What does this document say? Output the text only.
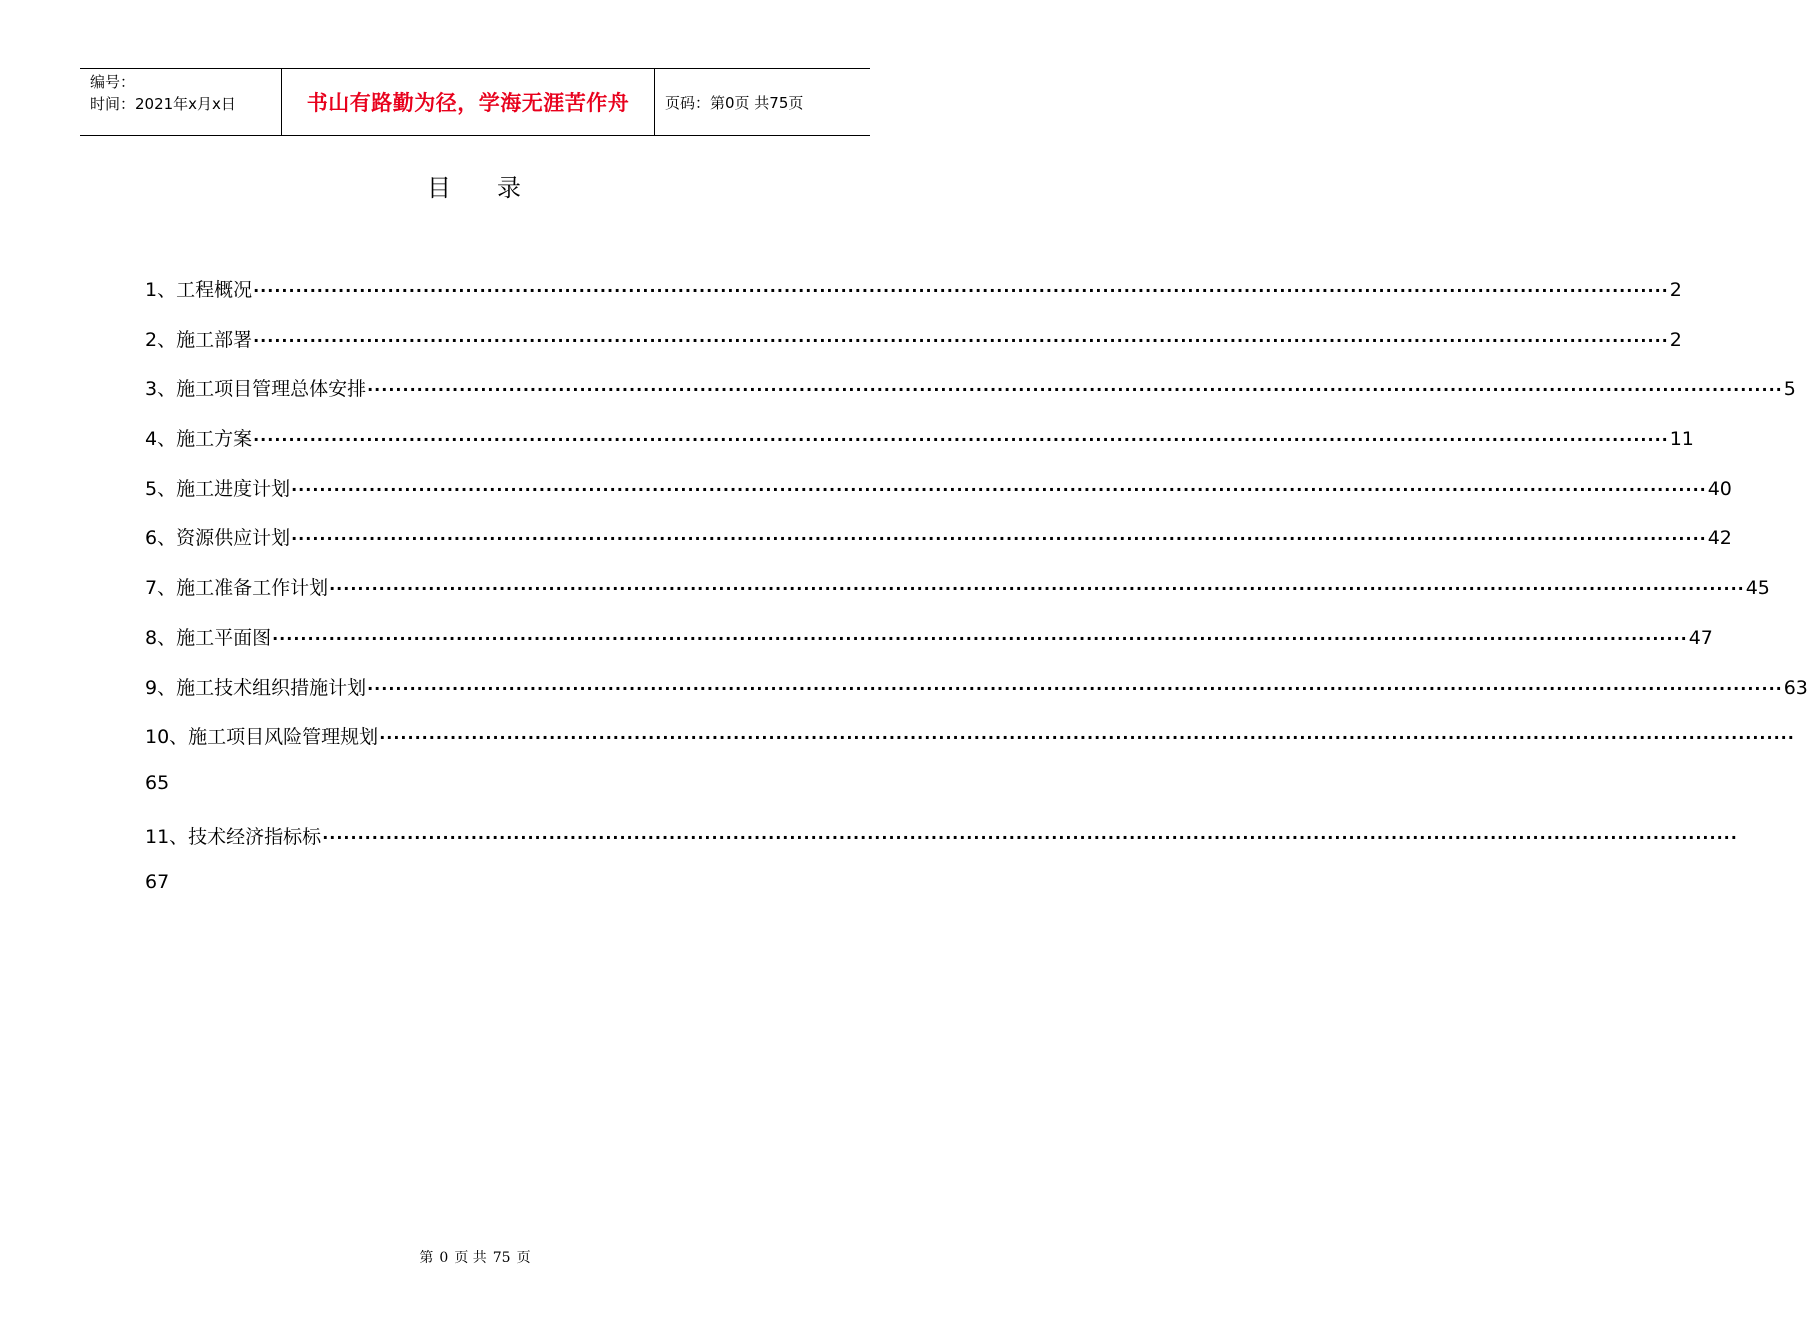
编号：
时间：2021年x月x日	书山有路勤为径，学海无涯苦作舟 页码：第0页 共75页
目 录
1、工程概况 ········································································································································································································ 2
2、施工部署 ········································································································································································································ 2
3、施工项目管理总体安排 ········································································································································································································ 5
4、施工方案 ········································································································································································································ 11
5、施工进度计划 ········································································································································································································ 40
6、资源供应计划 ········································································································································································································ 42
7、施工准备工作计划 ········································································································································································································ 45
8、施工平面图 ········································································································································································································ 47
9、施工技术组织措施计划 ········································································································································································································ 63
10、施工项目风险管理规划 ········································································································································································································
65
11、技术经济指标标 ········································································································································································································
67
第 0 页 共 75 页
